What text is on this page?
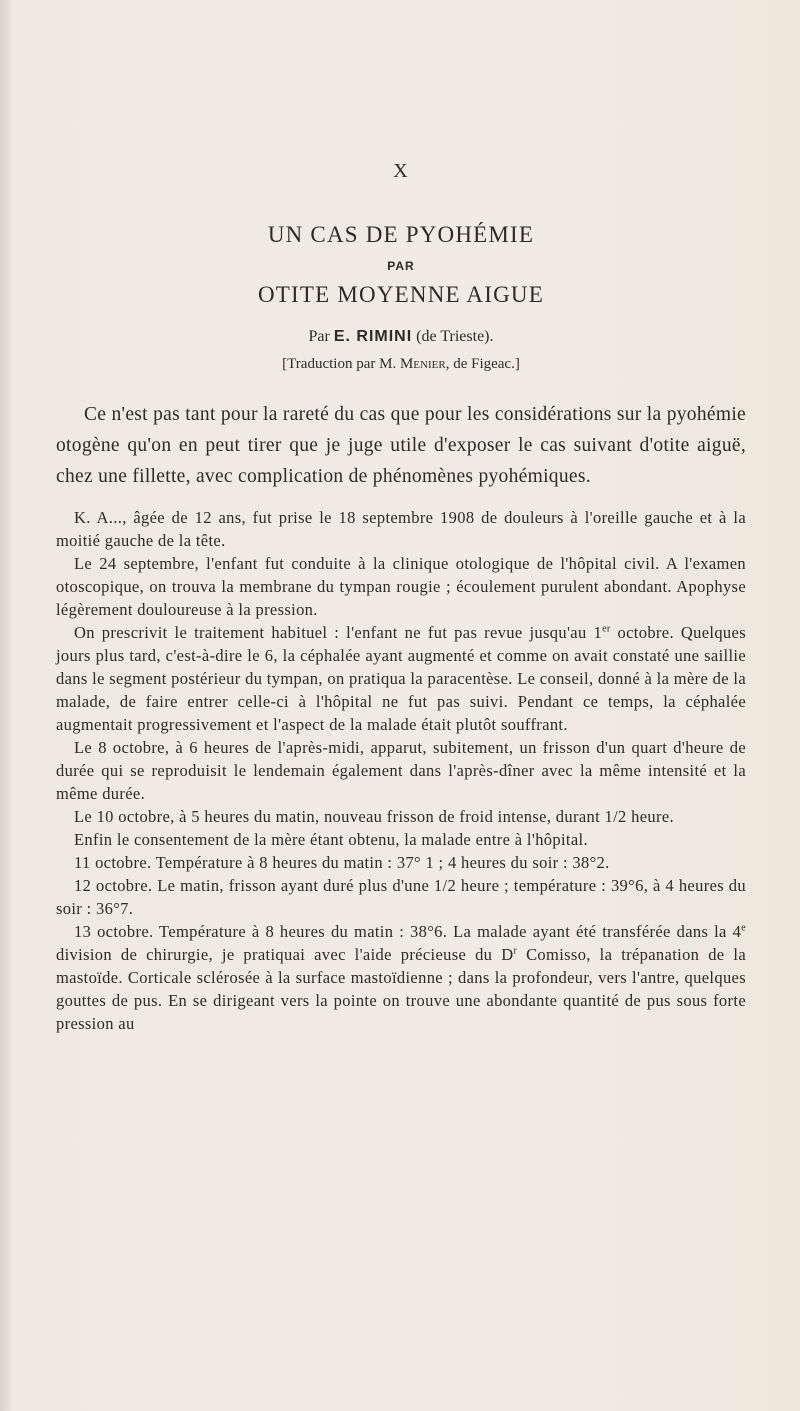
X
UN CAS DE PYOHÉMIE
PAR
OTITE MOYENNE AIGUE
Par E. RIMINI (de Trieste).
[Traduction par M. Menier, de Figeac.]

Ce n'est pas tant pour la rareté du cas que pour les considérations sur la pyohémie otogène qu'on en peut tirer que je juge utile d'exposer le cas suivant d'otite aiguë, chez une fillette, avec complication de phénomènes pyohémiques.

K. A..., âgée de 12 ans, fut prise le 18 septembre 1908 de douleurs à l'oreille gauche et à la moitié gauche de la tête.

Le 24 septembre, l'enfant fut conduite à la clinique otologique de l'hôpital civil. A l'examen otoscopique, on trouva la membrane du tympan rougie ; écoulement purulent abondant. Apophyse légèrement douloureuse à la pression.

On prescrivit le traitement habituel : l'enfant ne fut pas revue jusqu'au 1er octobre. Quelques jours plus tard, c'est-à-dire le 6, la céphalée ayant augmenté et comme on avait constaté une saillie dans le segment postérieur du tympan, on pratiqua la paracentèse. Le conseil, donné à la mère de la malade, de faire entrer celle-ci à l'hôpital ne fut pas suivi. Pendant ce temps, la céphalée augmentait progressivement et l'aspect de la malade était plutôt souffrant.

Le 8 octobre, à 6 heures de l'après-midi, apparut, subitement, un frisson d'un quart d'heure de durée qui se reproduisit le lendemain également dans l'après-dîner avec la même intensité et la même durée.

Le 10 octobre, à 5 heures du matin, nouveau frisson de froid intense, durant 1/2 heure.

Enfin le consentement de la mère étant obtenu, la malade entre à l'hôpital.

11 octobre. Température à 8 heures du matin : 37° 1 ; 4 heures du soir : 38°2.

12 octobre. Le matin, frisson ayant duré plus d'une 1/2 heure ; température : 39°6, à 4 heures du soir : 36°7.

13 octobre. Température à 8 heures du matin : 38°6. La malade ayant été transférée dans la 4e division de chirurgie, je pratiquai avec l'aide précieuse du $D^r$ Comisso, la trépanation de la mastoïde. Corticale sclérosée à la surface mastoïdienne ; dans la profondeur, vers l'antre, quelques gouttes de pus. En se dirigeant vers la pointe on trouve une abondante quantité de pus sous forte pression au
